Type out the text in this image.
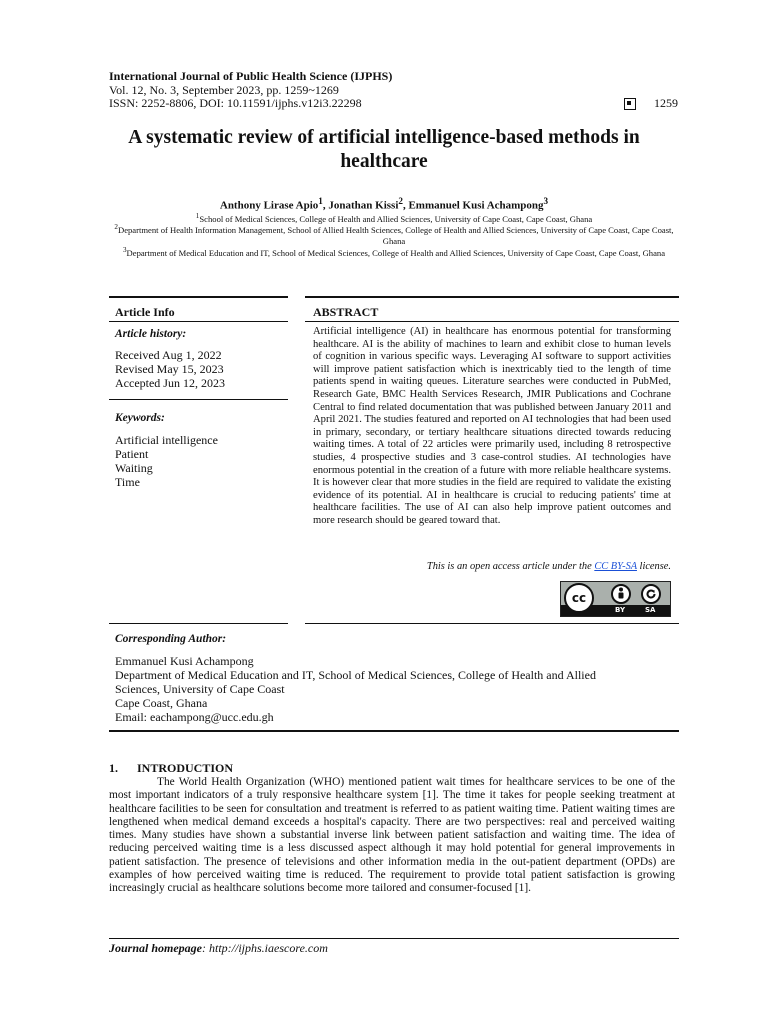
International Journal of Public Health Science (IJPHS)
Vol. 12, No. 3, September 2023, pp. 1259~1269
ISSN: 2252-8806, DOI: 10.11591/ijphs.v12i3.22298	1259
A systematic review of artificial intelligence-based methods in
healthcare
Anthony Lirase Apio$^1$, Jonathan Kissi$^2$, Emmanuel Kusi Achampong$^3$
$^1$School of Medical Sciences, College of Health and Allied Sciences, University of Cape Coast, Cape Coast, Ghana
$^2$Department of Health Information Management, School of Allied Health Sciences, College of Health and Allied Sciences, University of Cape Coast, Cape Coast, Ghana
$^3$Department of Medical Education and IT, School of Medical Sciences, College of Health and Allied Sciences, University of Cape Coast, Cape Coast, Ghana
Article Info
Article history:
Received Aug 1, 2022
Revised May 15, 2023
Accepted Jun 12, 2023
Keywords:
Artificial intelligence
Patient
Waiting
Time
ABSTRACT
Artificial intelligence (AI) in healthcare has enormous potential for transforming healthcare. AI is the ability of machines to learn and exhibit close to human levels of cognition in various specific ways. Leveraging AI software to support activities will improve patient satisfaction which is inextricably tied to the length of time patients spend in waiting queues. Literature searches were conducted in PubMed, Research Gate, BMC Health Services Research, JMIR Publications and Cochrane Central to find related documentation that was published between January 2011 and April 2021. The studies featured and reported on AI technologies that had been used in primary, secondary, or tertiary healthcare situations directed towards reducing waiting times. A total of 22 articles were primarily used, including 8 retrospective studies, 4 prospective studies and 3 case-control studies. AI technologies have enormous potential in the creation of a future with more reliable healthcare systems. It is however clear that more studies in the field are required to validate the existing evidence of its potential. AI in healthcare is crucial to reducing patients' time at healthcare facilities. The use of AI can also help improve patient outcomes and more research should be geared toward that.
This is an open access article under the CC BY-SA license.
cc
BY	SA
Corresponding Author:
Emmanuel Kusi Achampong
Department of Medical Education and IT, School of Medical Sciences, College of Health and Allied
Sciences, University of Cape Coast
Cape Coast, Ghana
Email: eachampong@ucc.edu.gh
1. INTRODUCTION

The World Health Organization (WHO) mentioned patient wait times for healthcare services to be one of the most important indicators of a truly responsive healthcare system [1]. The time it takes for people seeking treatment at healthcare facilities to be seen for consultation and treatment is referred to as patient waiting time. Patient waiting times are lengthened when medical demand exceeds a hospital's capacity. There are two perspectives: real and perceived waiting times. Many studies have shown a substantial inverse link between patient satisfaction and waiting time. The idea of reducing perceived waiting time is a less discussed aspect although it may hold potential for general improvements in patient satisfaction. The presence of televisions and other information media in the out-patient department (OPDs) are examples of how perceived waiting time is reduced. The requirement to provide total patient satisfaction is growing increasingly crucial as healthcare solutions become more tailored and consumer-focused [1].

Journal homepage: http://ijphs.iaescore.com
